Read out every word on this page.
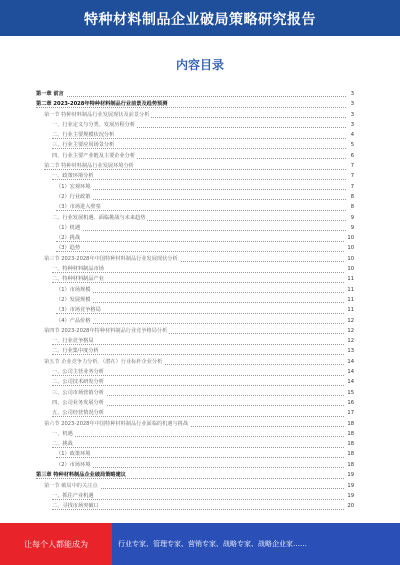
特种材料制品企业破局策略研究报告
内容目录
第一章 前言	3
第二章 2023-2028年特种材料制品行业前景及趋势预测	3
第一节 特种材料制品行业发展现状及前景分析	3
一、行业定义与分类、发展历程分析	3
二、行业主要规模状况分析	4
三、行业主要应用场景分析	5
四、行业主要产业链及主要企业分析	6
第二节 特种材料制品行业发展环境分析	7
一、政策环境分析	7
（1）宏观环境	7
（2）行业政策	8
（3）市场进入壁垒	8
二、行业发展机遇、面临挑战与未来趋势	9
（1）机遇	9
（2）挑战	10
（3）趋势	10
第三节 2023-2028年中国特种材料制品行业发展现状分析	10
一、特种材料制品市场	10
二、特种材料制品产业	11
（1）市场规模	11
（2）发展规模	11
（3）市场竞争格局	11
（4）产品价格	12
第四节 2023-2028年特种材料制品行业竞争格局分析	12
一、行业竞争格局	12
二、行业集中度分析	13
第五节 企业竞争力分析、（潜在）行业标杆企业分析	14
一、公司主营业务分析	14
二、公司技术研发分析	14
三、公司市场营销分析	15
四、公司业务发展分析	16
五、公司经营情况分析	17
第六节 2023-2028年中国特种材料制品行业面临的机遇与挑战	18
一、机遇	18
二、挑战	18
（1）政策环境	18
（2）市场环境	18
第三章 特种材料制品企业破局策略建议	19
第一节 破局中的关注点	19
一、抓住产业机遇	19
二、寻找市场突破口	20
让每个人都能成为	行业专家、管理专家、营销专家、战略专家、战略企业家……
